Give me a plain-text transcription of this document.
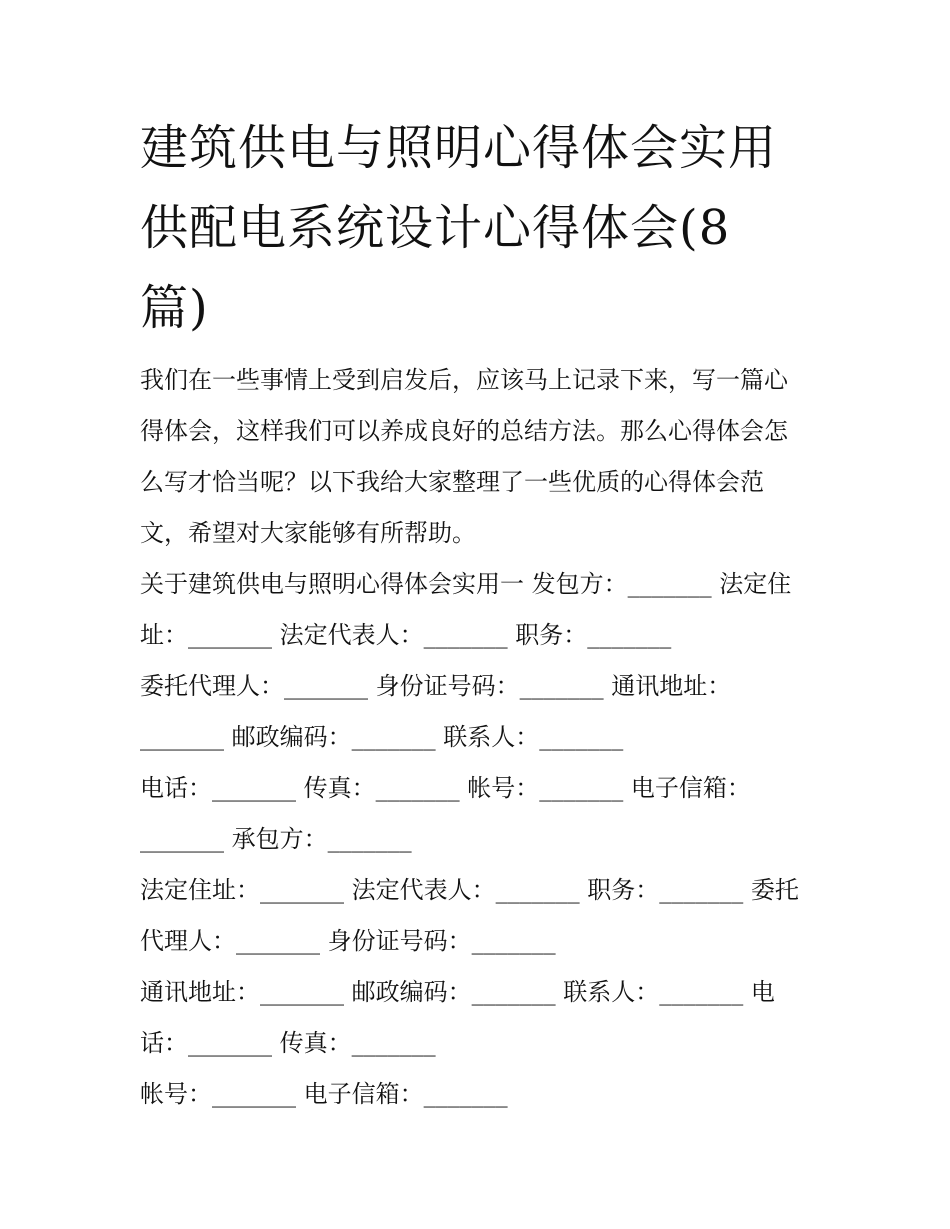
建筑供电与照明心得体会实用
供配电系统设计心得体会(8
篇)
我们在一些事情上受到启发后，应该马上记录下来，写一篇心
得体会，这样我们可以养成良好的总结方法。那么心得体会怎
么写才恰当呢？以下我给大家整理了一些优质的心得体会范
文，希望对大家能够有所帮助。
关于建筑供电与照明心得体会实用一 发包方：_______ 法定住
址：_______ 法定代表人：_______ 职务：_______
委托代理人：_______ 身份证号码：_______ 通讯地址：
_______ 邮政编码：_______ 联系人：_______
电话：_______ 传真：_______ 帐号：_______ 电子信箱：
_______ 承包方：_______
法定住址：_______ 法定代表人：_______ 职务：_______ 委托
代理人：_______ 身份证号码：_______
通讯地址：_______ 邮政编码：_______ 联系人：_______ 电
话：_______ 传真：_______
帐号：_______ 电子信箱：_______
